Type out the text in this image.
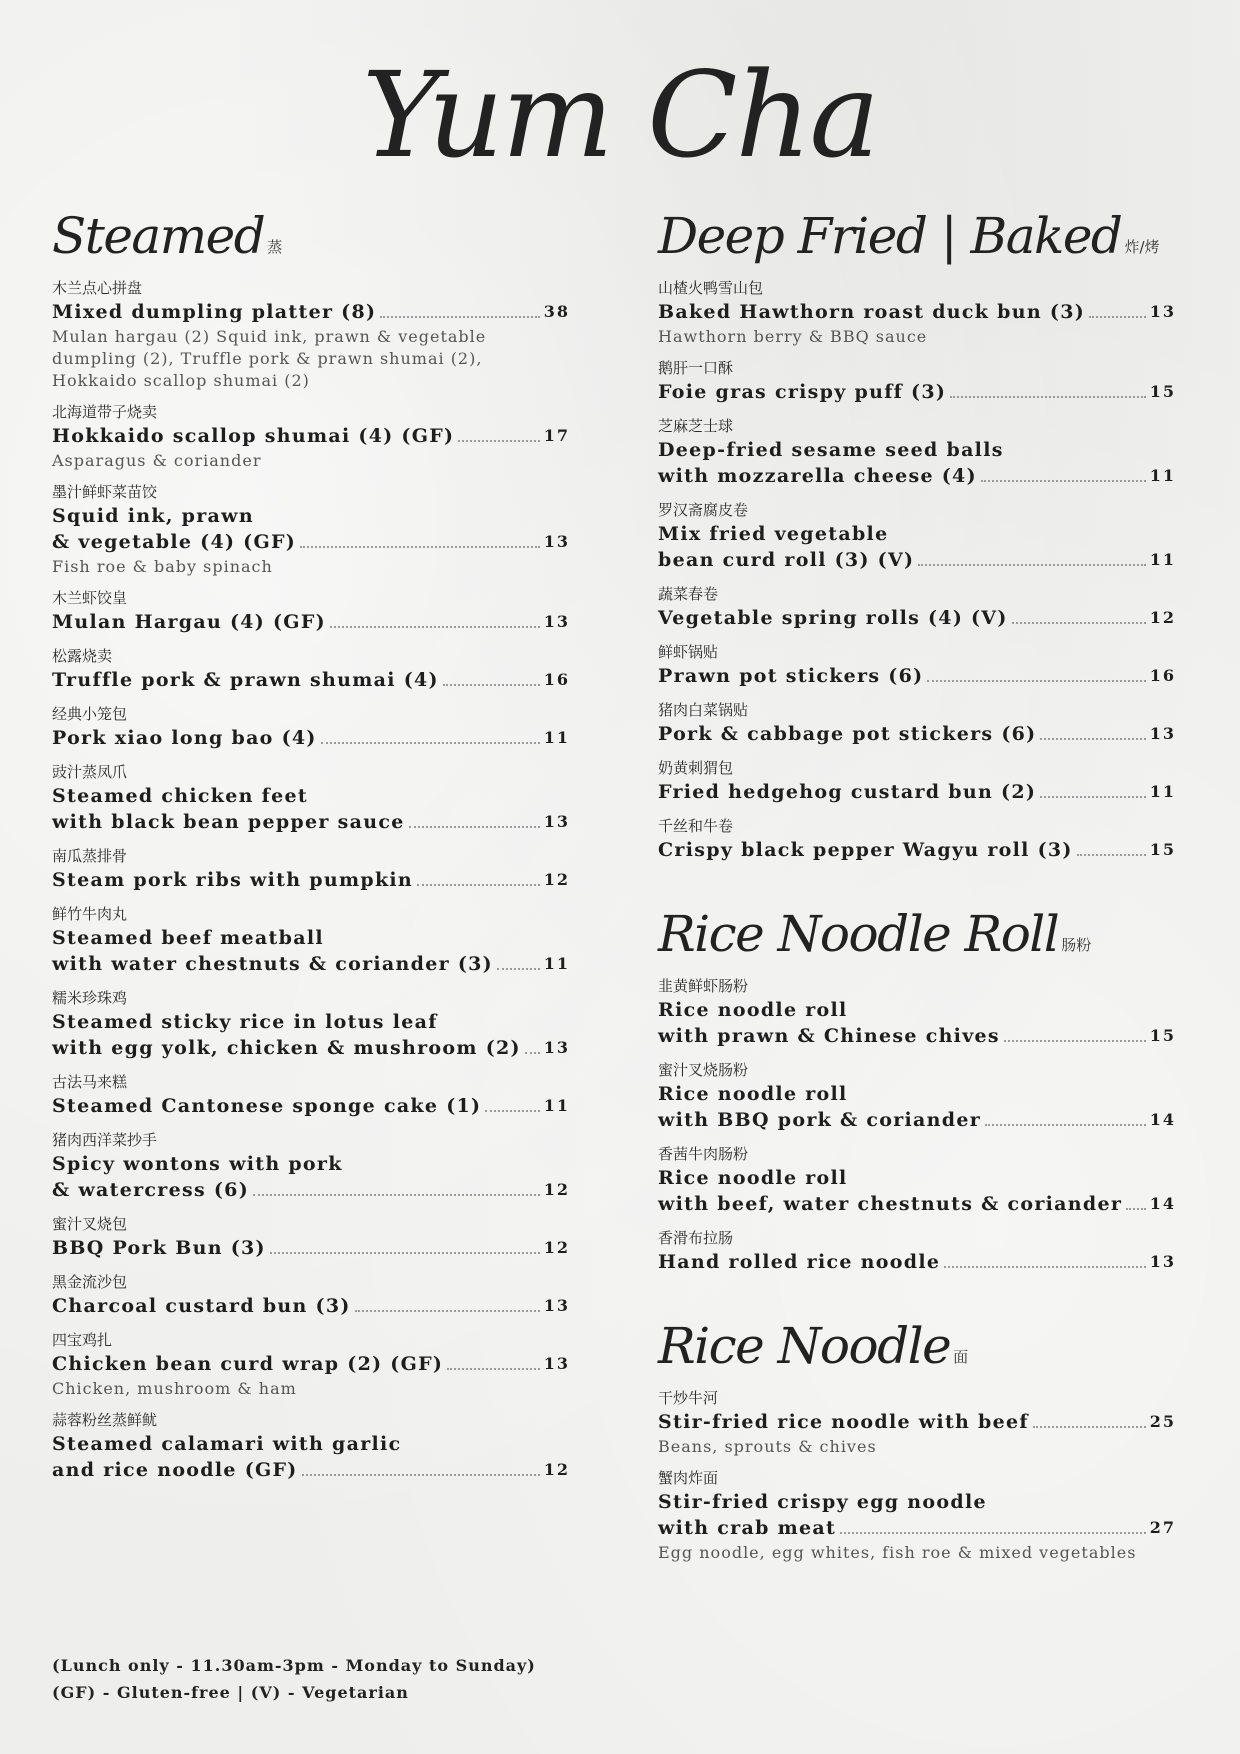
Yum Cha
Steamed 蒸
木兰点心拼盘
Mixed dumpling platter (8)	38
Mulan hargau (2) Squid ink, prawn & vegetable
dumpling (2), Truffle pork & prawn shumai (2),
Hokkaido scallop shumai (2)
北海道带子烧卖
Hokkaido scallop shumai (4) (GF)	17
Asparagus & coriander
墨汁鲜虾菜苗饺
Squid ink, prawn
& vegetable (4) (GF)	13
Fish roe & baby spinach
木兰虾饺皇
Mulan Hargau (4) (GF)	13
松露烧卖
Truffle pork & prawn shumai (4)	16
经典小笼包
Pork xiao long bao (4)	11
豉汁蒸凤爪
Steamed chicken feet
with black bean pepper sauce	13
南瓜蒸排骨
Steam pork ribs with pumpkin	12
鲜竹牛肉丸
Steamed beef meatball
with water chestnuts & coriander (3)	11
糯米珍珠鸡
Steamed sticky rice in lotus leaf
with egg yolk, chicken & mushroom (2) 13
古法马来糕
Steamed Cantonese sponge cake (1)	11
猪肉西洋菜抄手
Spicy wontons with pork
& watercress (6)	12
蜜汁叉烧包
BBQ Pork Bun (3)	12
黑金流沙包
Charcoal custard bun (3)	13
四宝鸡扎
Chicken bean curd wrap (2) (GF)	13
Chicken, mushroom & ham
蒜蓉粉丝蒸鲜鱿
Steamed calamari with garlic
and rice noodle (GF)	12
Deep Fried | Baked 炸/烤
山楂火鸭雪山包
Baked Hawthorn roast duck bun (3)	13
Hawthorn berry & BBQ sauce
鹅肝一口酥
Foie gras crispy puff (3)	15
芝麻芝士球
Deep-fried sesame seed balls
with mozzarella cheese (4)	11
罗汉斋腐皮卷
Mix fried vegetable
bean curd roll (3) (V)	11
蔬菜春卷
Vegetable spring rolls (4) (V)	12
鲜虾锅贴
Prawn pot stickers (6)	16
猪肉白菜锅贴
Pork & cabbage pot stickers (6)	13
奶黄刺猬包
Fried hedgehog custard bun (2)	11
千丝和牛卷
Crispy black pepper Wagyu roll (3)	15
Rice Noodle Roll 肠粉
韭黄鲜虾肠粉
Rice noodle roll
with prawn & Chinese chives	15
蜜汁叉烧肠粉
Rice noodle roll
with BBQ pork & coriander	14
香茜牛肉肠粉
Rice noodle roll
with beef, water chestnuts & coriander 14
香滑布拉肠
Hand rolled rice noodle	13
Rice Noodle 面
干炒牛河
Stir-fried rice noodle with beef	25
Beans, sprouts & chives
蟹肉炸面
Stir-fried crispy egg noodle
with crab meat	27
Egg noodle, egg whites, fish roe & mixed vegetables
(Lunch only - 11.30am-3pm - Monday to Sunday)
(GF) - Gluten-free | (V) - Vegetarian
